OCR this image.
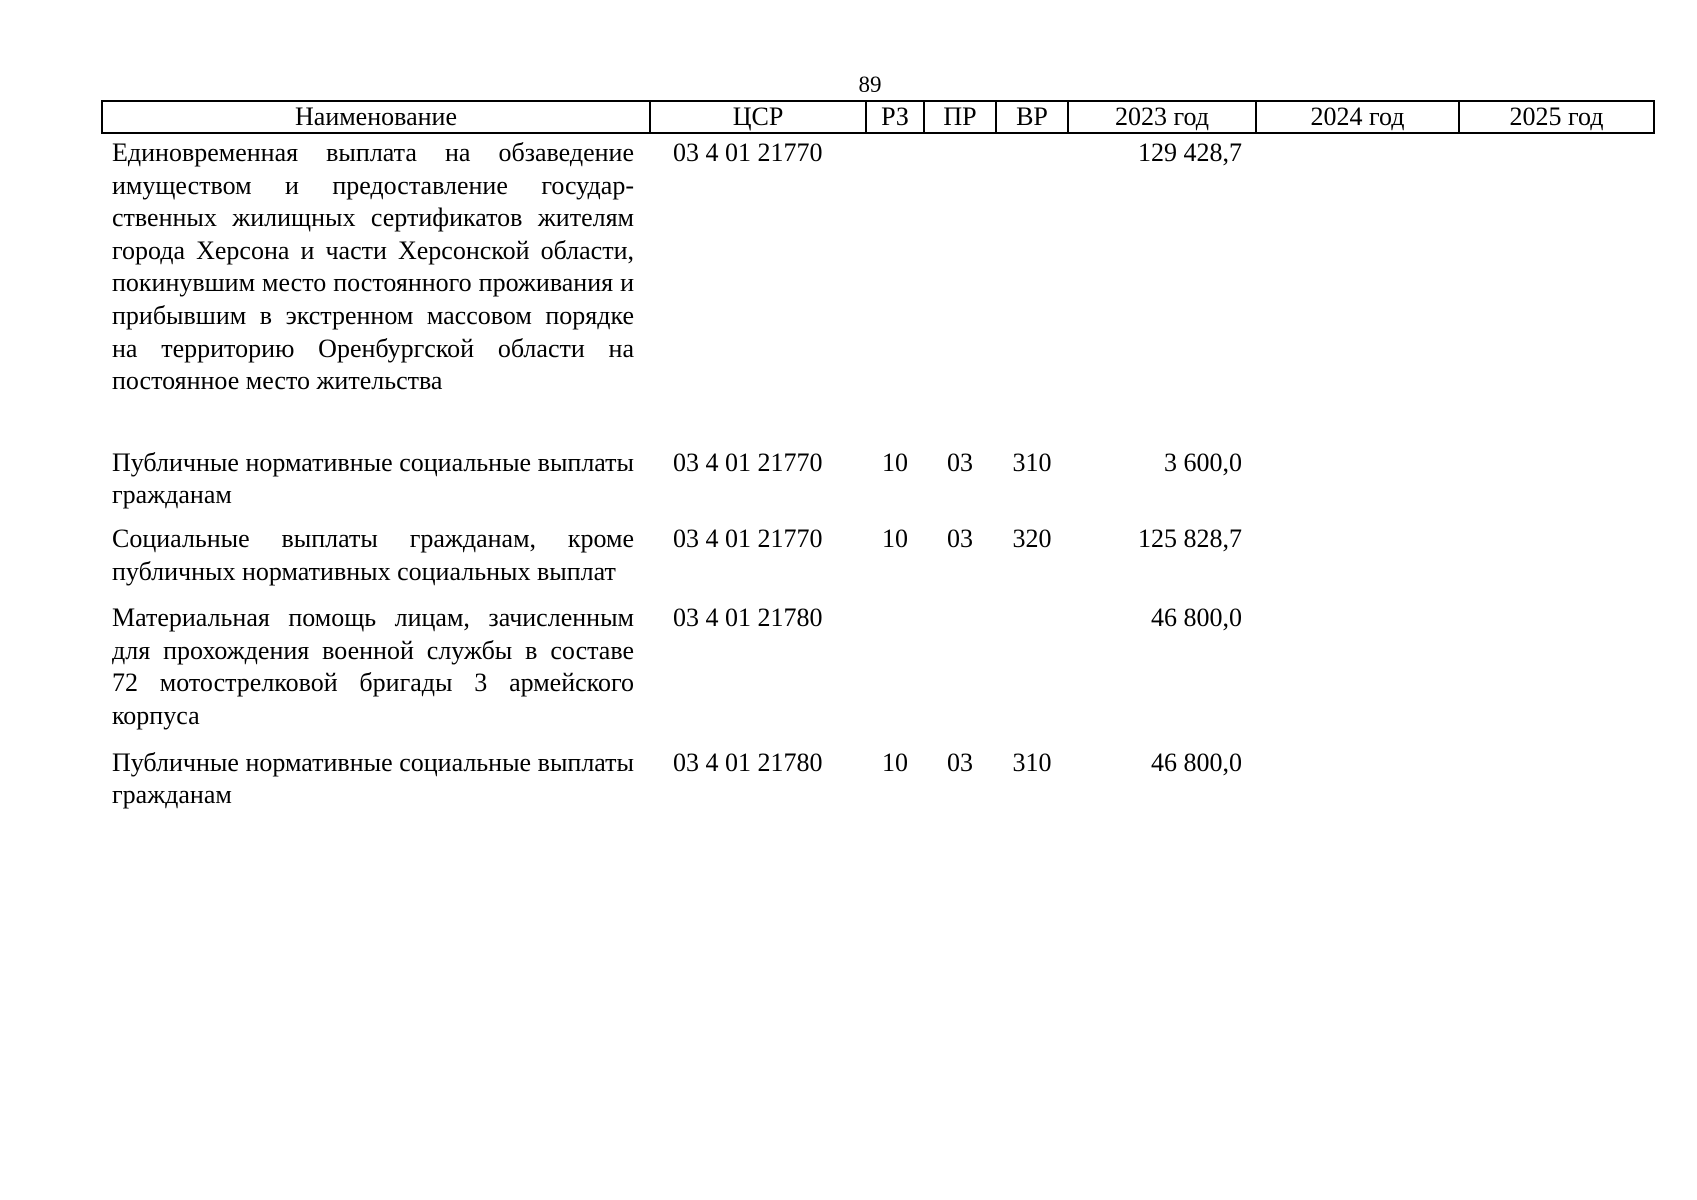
89
Наименование	ЦСР	РЗ	ПР	ВР	2023 год	2024 год	2025 год
Единовременная выплата на обзаведение имуществом и предоставление государственных жилищных сертификатов жителям города Херсона и части Херсонской области, покинувшим место постоянного проживания и прибывшим в экстренном массовом порядке на территорию Оренбургской области на постоянное место жительства	03 4 01 21770				129 428,7		
Публичные нормативные социальные выплаты гражданам	03 4 01 21770	10	03	310	3 600,0		
Социальные выплаты гражданам, кроме публичных нормативных социальных выплат	03 4 01 21770	10	03	320	125 828,7		
Материальная помощь лицам, зачисленным для прохождения военной службы в составе 72 мотострелковой бригады 3 армейского корпуса	03 4 01 21780				46 800,0		
Публичные нормативные социальные выплаты гражданам	03 4 01 21780	10	03	310	46 800,0		
